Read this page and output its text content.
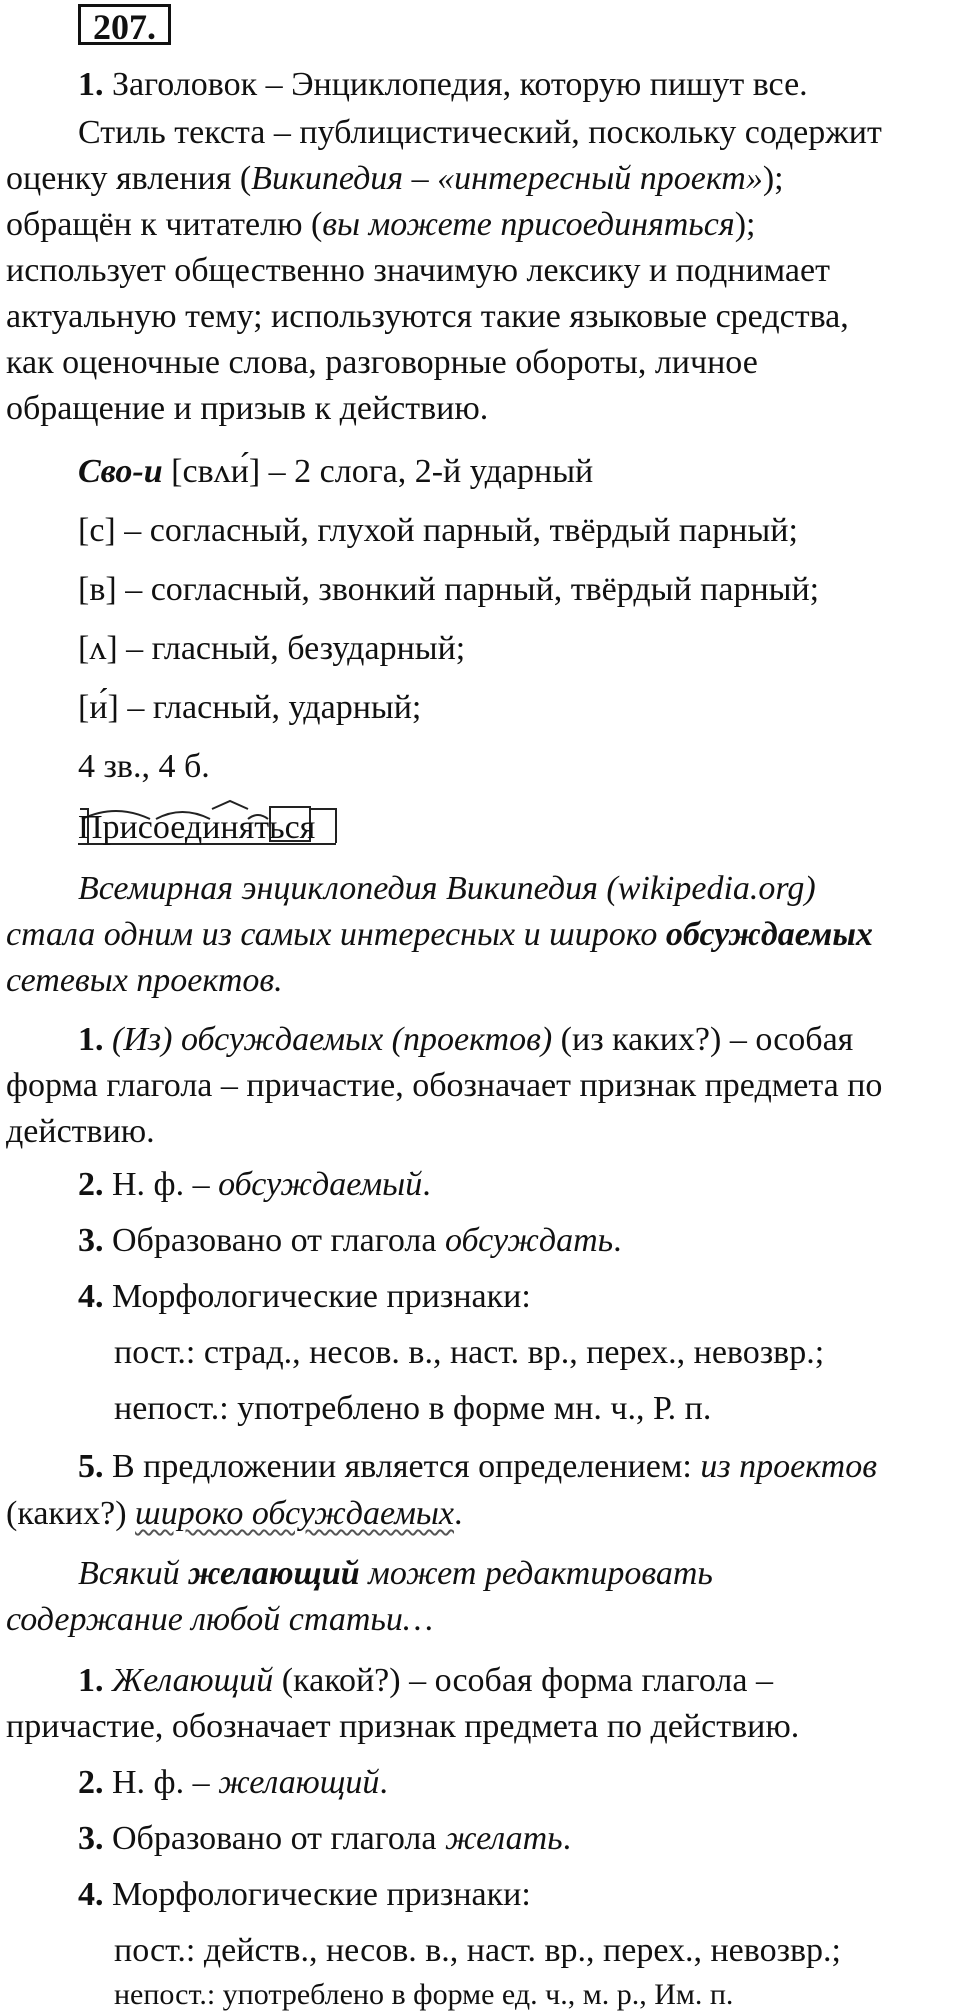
207.
1. Заголовок – Энциклопедия, которую пишут все.
Стиль текста – публицистический, поскольку содержит
оценку явления (Википедия – «интересный проект»);
обращён к читателю (вы можете присоединяться);
использует общественно значимую лексику и поднимает
актуальную тему; используются такие языковые средства,
как оценочные слова, разговорные обороты, личное
обращение и призыв к действию.
Сво-и [свʌи́] – 2 слога, 2-й ударный
[с] – согласный, глухой парный, твёрдый парный;
[в] – согласный, звонкий парный, твёрдый парный;
[ʌ] – гласный, безударный;
[и́] – гласный, ударный;
4 зв., 4 б.
Присоединяться
Всемирная энциклопедия Википедия (wikipedia.org)
стала одним из самых интересных и широко обсуждаемых
сетевых проектов.
1. (Из) обсуждаемых (проектов) (из каких?) – особая
форма глагола – причастие, обозначает признак предмета по
действию.
2. Н. ф. – обсуждаемый.
3. Образовано от глагола обсуждать.
4. Морфологические признаки:
пост.: страд., несов. в., наст. вр., перех., невозвр.;
непост.: употреблено в форме мн. ч., Р. п.
5. В предложении является определением: из проектов
(каких?) широко обсуждаемых.
Всякий желающий может редактировать
содержание любой статьи…
1. Желающий (какой?) – особая форма глагола –
причастие, обозначает признак предмета по действию.
2. Н. ф. – желающий.
3. Образовано от глагола желать.
4. Морфологические признаки:
пост.: действ., несов. в., наст. вр., перех., невозвр.;
непост.: употреблено в форме ед. ч., м. р., Им. п.
